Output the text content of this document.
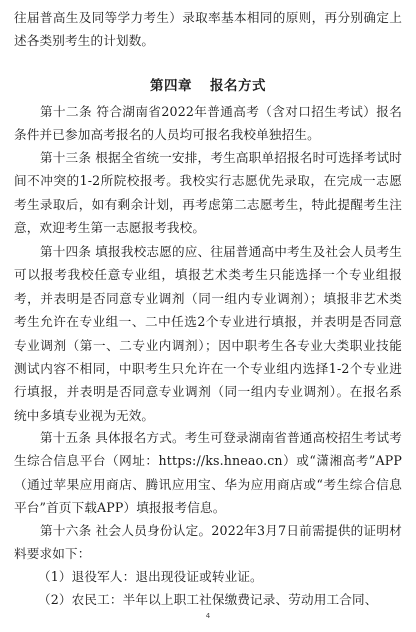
往届普高生及同等学力考生）录取率基本相同的原则，再分别确定上述各类别考生的计划数。
第四章 报名方式
第十二条 符合湖南省2022年普通高考（含对口招生考试）报名条件并已参加高考报名的人员均可报名我校单独招生。
第十三条 根据全省统一安排，考生高职单招报名时可选择考试时间不冲突的1-2所院校报考。我校实行志愿优先录取，在完成一志愿考生录取后，如有剩余计划，再考虑第二志愿考生，特此提醒考生注意，欢迎考生第一志愿报考我校。
第十四条 填报我校志愿的应、往届普通高中考生及社会人员考生可以报考我校任意专业组，填报艺术类考生只能选择一个专业组报考，并表明是否同意专业调剂（同一组内专业调剂）；填报非艺术类考生允许在专业组一、二中任选2个专业进行填报，并表明是否同意专业调剂（第一、二专业内调剂）；因中职考生各专业大类职业技能测试内容不相同，中职考生只允许在一个专业组内选择1-2个专业进行填报，并表明是否同意专业调剂（同一组内专业调剂）。在报名系统中多填专业视为无效。
第十五条 具体报名方式。考生可登录湖南省普通高校招生考试考生综合信息平台（网址：https://ks.hneao.cn）或“潇湘高考”APP（通过苹果应用商店、腾讯应用宝、华为应用商店或“考生综合信息平台”首页下载APP）填报报考信息。
第十六条 社会人员身份认定。2022年3月7日前需提供的证明材料要求如下：
（1）退役军人：退出现役证或转业证。
（2）农民工：半年以上职工社保缴费记录、劳动用工合同、
4
